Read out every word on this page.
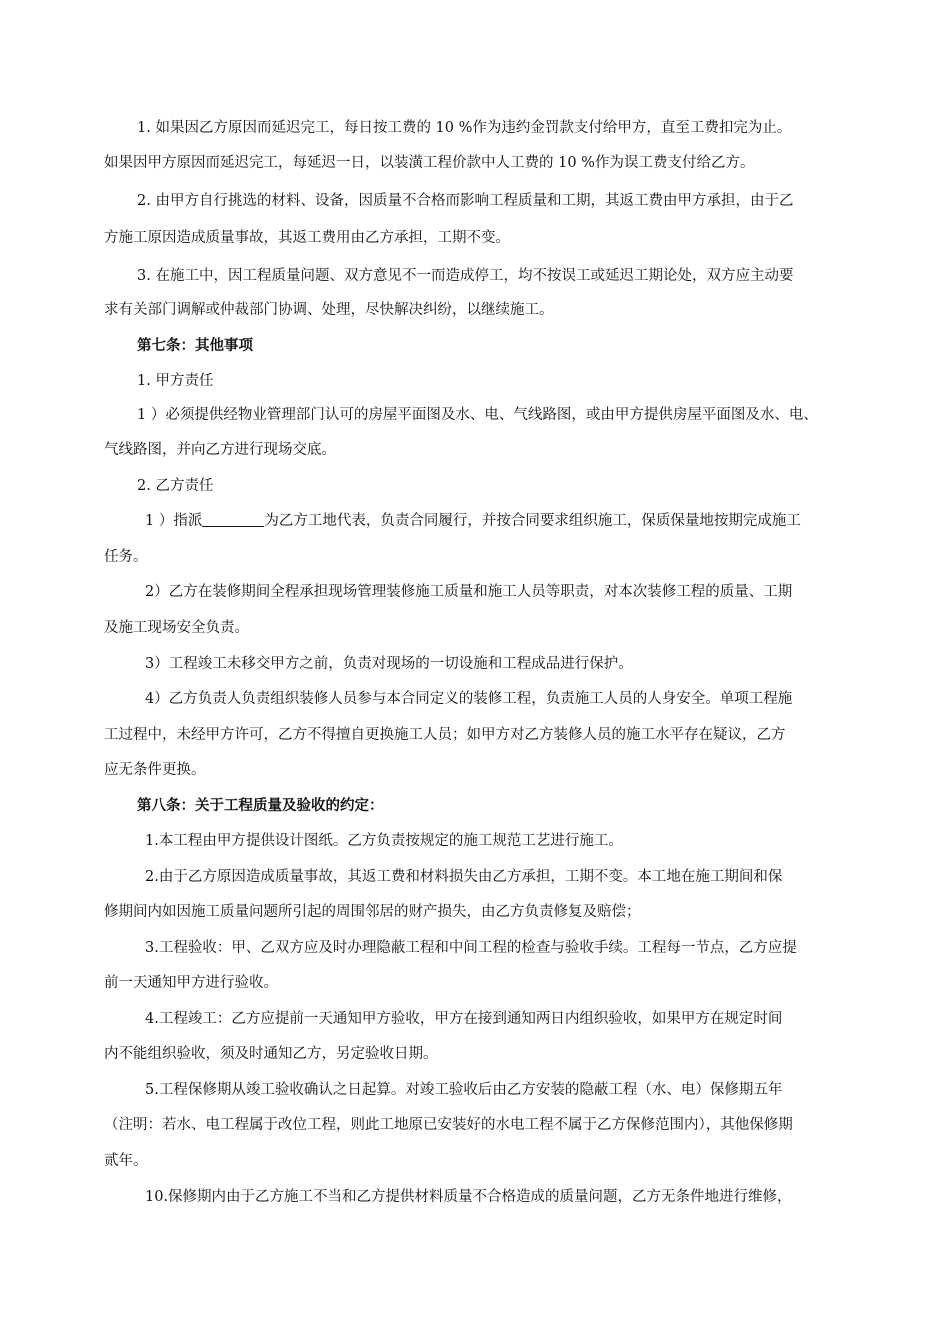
1. 如果因乙方原因而延迟完工，每日按工费的 10 %作为违约金罚款支付给甲方，直至工费扣完为止。
如果因甲方原因而延迟完工，每延迟一日，以装潢工程价款中人工费的 10 %作为误工费支付给乙方。
2. 由甲方自行挑选的材料、设备，因质量不合格而影响工程质量和工期，其返工费由甲方承担，由于乙
方施工原因造成质量事故，其返工费用由乙方承担，工期不变。
3. 在施工中，因工程质量问题、双方意见不一而造成停工，均不按误工或延迟工期论处，双方应主动要
求有关部门调解或仲裁部门协调、处理，尽快解决纠纷，以继续施工。
第七条：其他事项
1. 甲方责任
1 ）必须提供经物业管理部门认可的房屋平面图及水、电、气线路图，或由甲方提供房屋平面图及水、电、
气线路图，并向乙方进行现场交底。
2. 乙方责任
1 ）指派	为乙方工地代表，负责合同履行，并按合同要求组织施工，保质保量地按期完成施工
任务。
2）乙方在装修期间全程承担现场管理装修施工质量和施工人员等职责，对本次装修工程的质量、工期
及施工现场安全负责。
3）工程竣工未移交甲方之前，负责对现场的一切设施和工程成品进行保护。
4）乙方负责人负责组织装修人员参与本合同定义的装修工程，负责施工人员的人身安全。单项工程施
工过程中，未经甲方许可，乙方不得擅自更换施工人员；如甲方对乙方装修人员的施工水平存在疑议，乙方
应无条件更换。
第八条：关于工程质量及验收的约定：
1.本工程由甲方提供设计图纸。乙方负责按规定的施工规范工艺进行施工。
2.由于乙方原因造成质量事故，其返工费和材料损失由乙方承担，工期不变。本工地在施工期间和保
修期间内如因施工质量问题所引起的周围邻居的财产损失，由乙方负责修复及赔偿；
3.工程验收：甲、乙双方应及时办理隐蔽工程和中间工程的检查与验收手续。工程每一节点，乙方应提
前一天通知甲方进行验收。
4.工程竣工：乙方应提前一天通知甲方验收，甲方在接到通知两日内组织验收，如果甲方在规定时间
内不能组织验收，须及时通知乙方，另定验收日期。
5.工程保修期从竣工验收确认之日起算。对竣工验收后由乙方安装的隐蔽工程（水、电）保修期五年
（注明：若水、电工程属于改位工程，则此工地原已安装好的水电工程不属于乙方保修范围内），其他保修期
贰年。
10.保修期内由于乙方施工不当和乙方提供材料质量不合格造成的质量问题，乙方无条件地进行维修，
